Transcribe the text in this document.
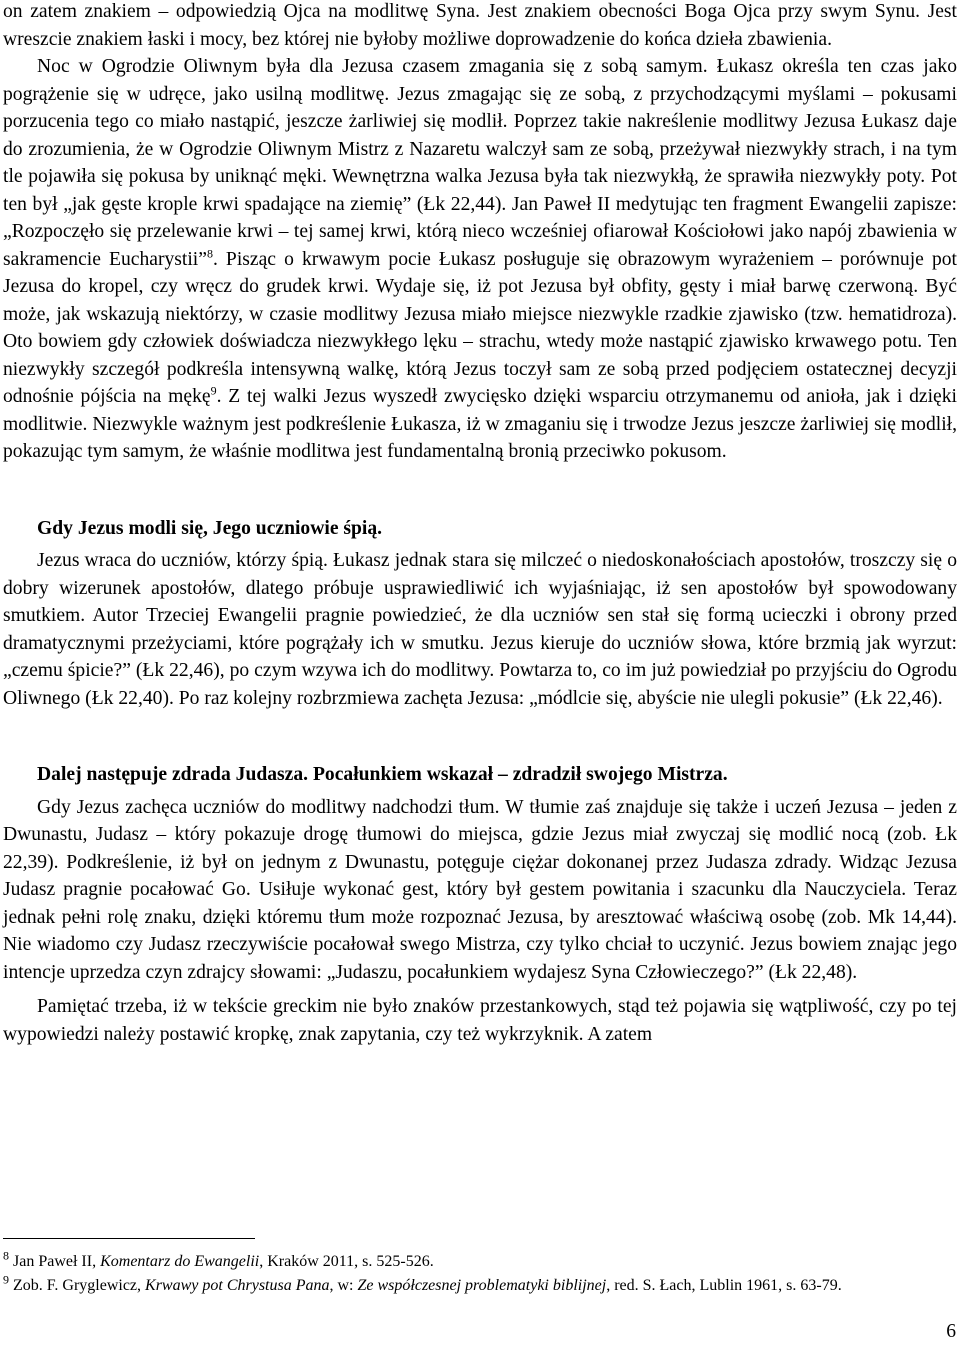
on zatem znakiem – odpowiedzią Ojca na modlitwę Syna. Jest znakiem obecności Boga Ojca przy swym Synu. Jest wreszcie znakiem łaski i mocy, bez której nie byłoby możliwe doprowadzenie do końca dzieła zbawienia.

Noc w Ogrodzie Oliwnym była dla Jezusa czasem zmagania się z sobą samym. Łukasz określa ten czas jako pogrążenie się w udręce, jako usilną modlitwę. Jezus zmagając się ze sobą, z przychodzącymi myślami – pokusami porzucenia tego co miało nastąpić, jeszcze żarliwiej się modlił. Poprzez takie nakreślenie modlitwy Jezusa Łukasz daje do zrozumienia, że w Ogrodzie Oliwnym Mistrz z Nazaretu walczył sam ze sobą, przeżywał niezwykły strach, i na tym tle pojawiła się pokusa by uniknąć męki. Wewnętrzna walka Jezusa była tak niezwykłą, że sprawiła niezwykły poty. Pot ten był „jak gęste krople krwi spadające na ziemię” (Łk 22,44). Jan Paweł II medytując ten fragment Ewangelii zapisze: „Rozpoczęło się przelewanie krwi – tej samej krwi, którą nieco wcześniej ofiarował Kościołowi jako napój zbawienia w sakramencie Eucharystii”$^8$. Pisząc o krwawym pocie Łukasz posługuje się obrazowym wyrażeniem – porównuje pot Jezusa do kropel, czy wręcz do grudek krwi. Wydaje się, iż pot Jezusa był obfity, gęsty i miał barwę czerwoną. Być może, jak wskazują niektórzy, w czasie modlitwy Jezusa miało miejsce niezwykle rzadkie zjawisko (tzw. hematidroza). Oto bowiem gdy człowiek doświadcza niezwykłego lęku – strachu, wtedy może nastąpić zjawisko krwawego potu. Ten niezwykły szczegół podkreśla intensywną walkę, którą Jezus toczył sam ze sobą przed podjęciem ostatecznej decyzji odnośnie pójścia na mękę$^9$. Z tej walki Jezus wyszedł zwycięsko dzięki wsparciu otrzymanemu od anioła, jak i dzięki modlitwie. Niezwykle ważnym jest podkreślenie Łukasza, iż w zmaganiu się i trwodze Jezus jeszcze żarliwiej się modlił, pokazując tym samym, że właśnie modlitwa jest fundamentalną bronią przeciwko pokusom.

Gdy Jezus modli się, Jego uczniowie śpią.

Jezus wraca do uczniów, którzy śpią. Łukasz jednak stara się milczeć o niedoskonałościach apostołów, troszczy się o dobry wizerunek apostołów, dlatego próbuje usprawiedliwić ich wyjaśniając, iż sen apostołów był spowodowany smutkiem. Autor Trzeciej Ewangelii pragnie powiedzieć, że dla uczniów sen stał się formą ucieczki i obrony przed dramatycznymi przeżyciami, które pogrążały ich w smutku. Jezus kieruje do uczniów słowa, które brzmią jak wyrzut: „czemu śpicie?” (Łk 22,46), po czym wzywa ich do modlitwy. Powtarza to, co im już powiedział po przyjściu do Ogrodu Oliwnego (Łk 22,40). Po raz kolejny rozbrzmiewa zachęta Jezusa: „módlcie się, abyście nie ulegli pokusie” (Łk 22,46).

Dalej następuje zdrada Judasza. Pocałunkiem wskazał – zdradził swojego Mistrza.

Gdy Jezus zachęca uczniów do modlitwy nadchodzi tłum. W tłumie zaś znajduje się także i uczeń Jezusa – jeden z Dwunastu, Judasz – który pokazuje drogę tłumowi do miejsca, gdzie Jezus miał zwyczaj się modlić nocą (zob. Łk 22,39). Podkreślenie, iż był on jednym z Dwunastu, potęguje ciężar dokonanej przez Judasza zdrady. Widząc Jezusa Judasz pragnie pocałować Go. Usiłuje wykonać gest, który był gestem powitania i szacunku dla Nauczyciela. Teraz jednak pełni rolę znaku, dzięki któremu tłum może rozpoznać Jezusa, by aresztować właściwą osobę (zob. Mk 14,44). Nie wiadomo czy Judasz rzeczywiście pocałował swego Mistrza, czy tylko chciał to uczynić. Jezus bowiem znając jego intencje uprzedza czyn zdrajcy słowami: „Judaszu, pocałunkiem wydajesz Syna Człowieczego?” (Łk 22,48).

Pamiętać trzeba, iż w tekście greckim nie było znaków przestankowych, stąd też pojawia się wątpliwość, czy po tej wypowiedzi należy postawić kropkę, znak zapytania, czy też wykrzyknik. A zatem

$^8$ Jan Paweł II, Komentarz do Ewangelii, Kraków 2011, s. 525-526.

$^9$ Zob. F. Gryglewicz, Krwawy pot Chrystusa Pana, w: Ze współczesnej problematyki biblijnej, red. S. Łach, Lublin 1961, s. 63-79.

6
